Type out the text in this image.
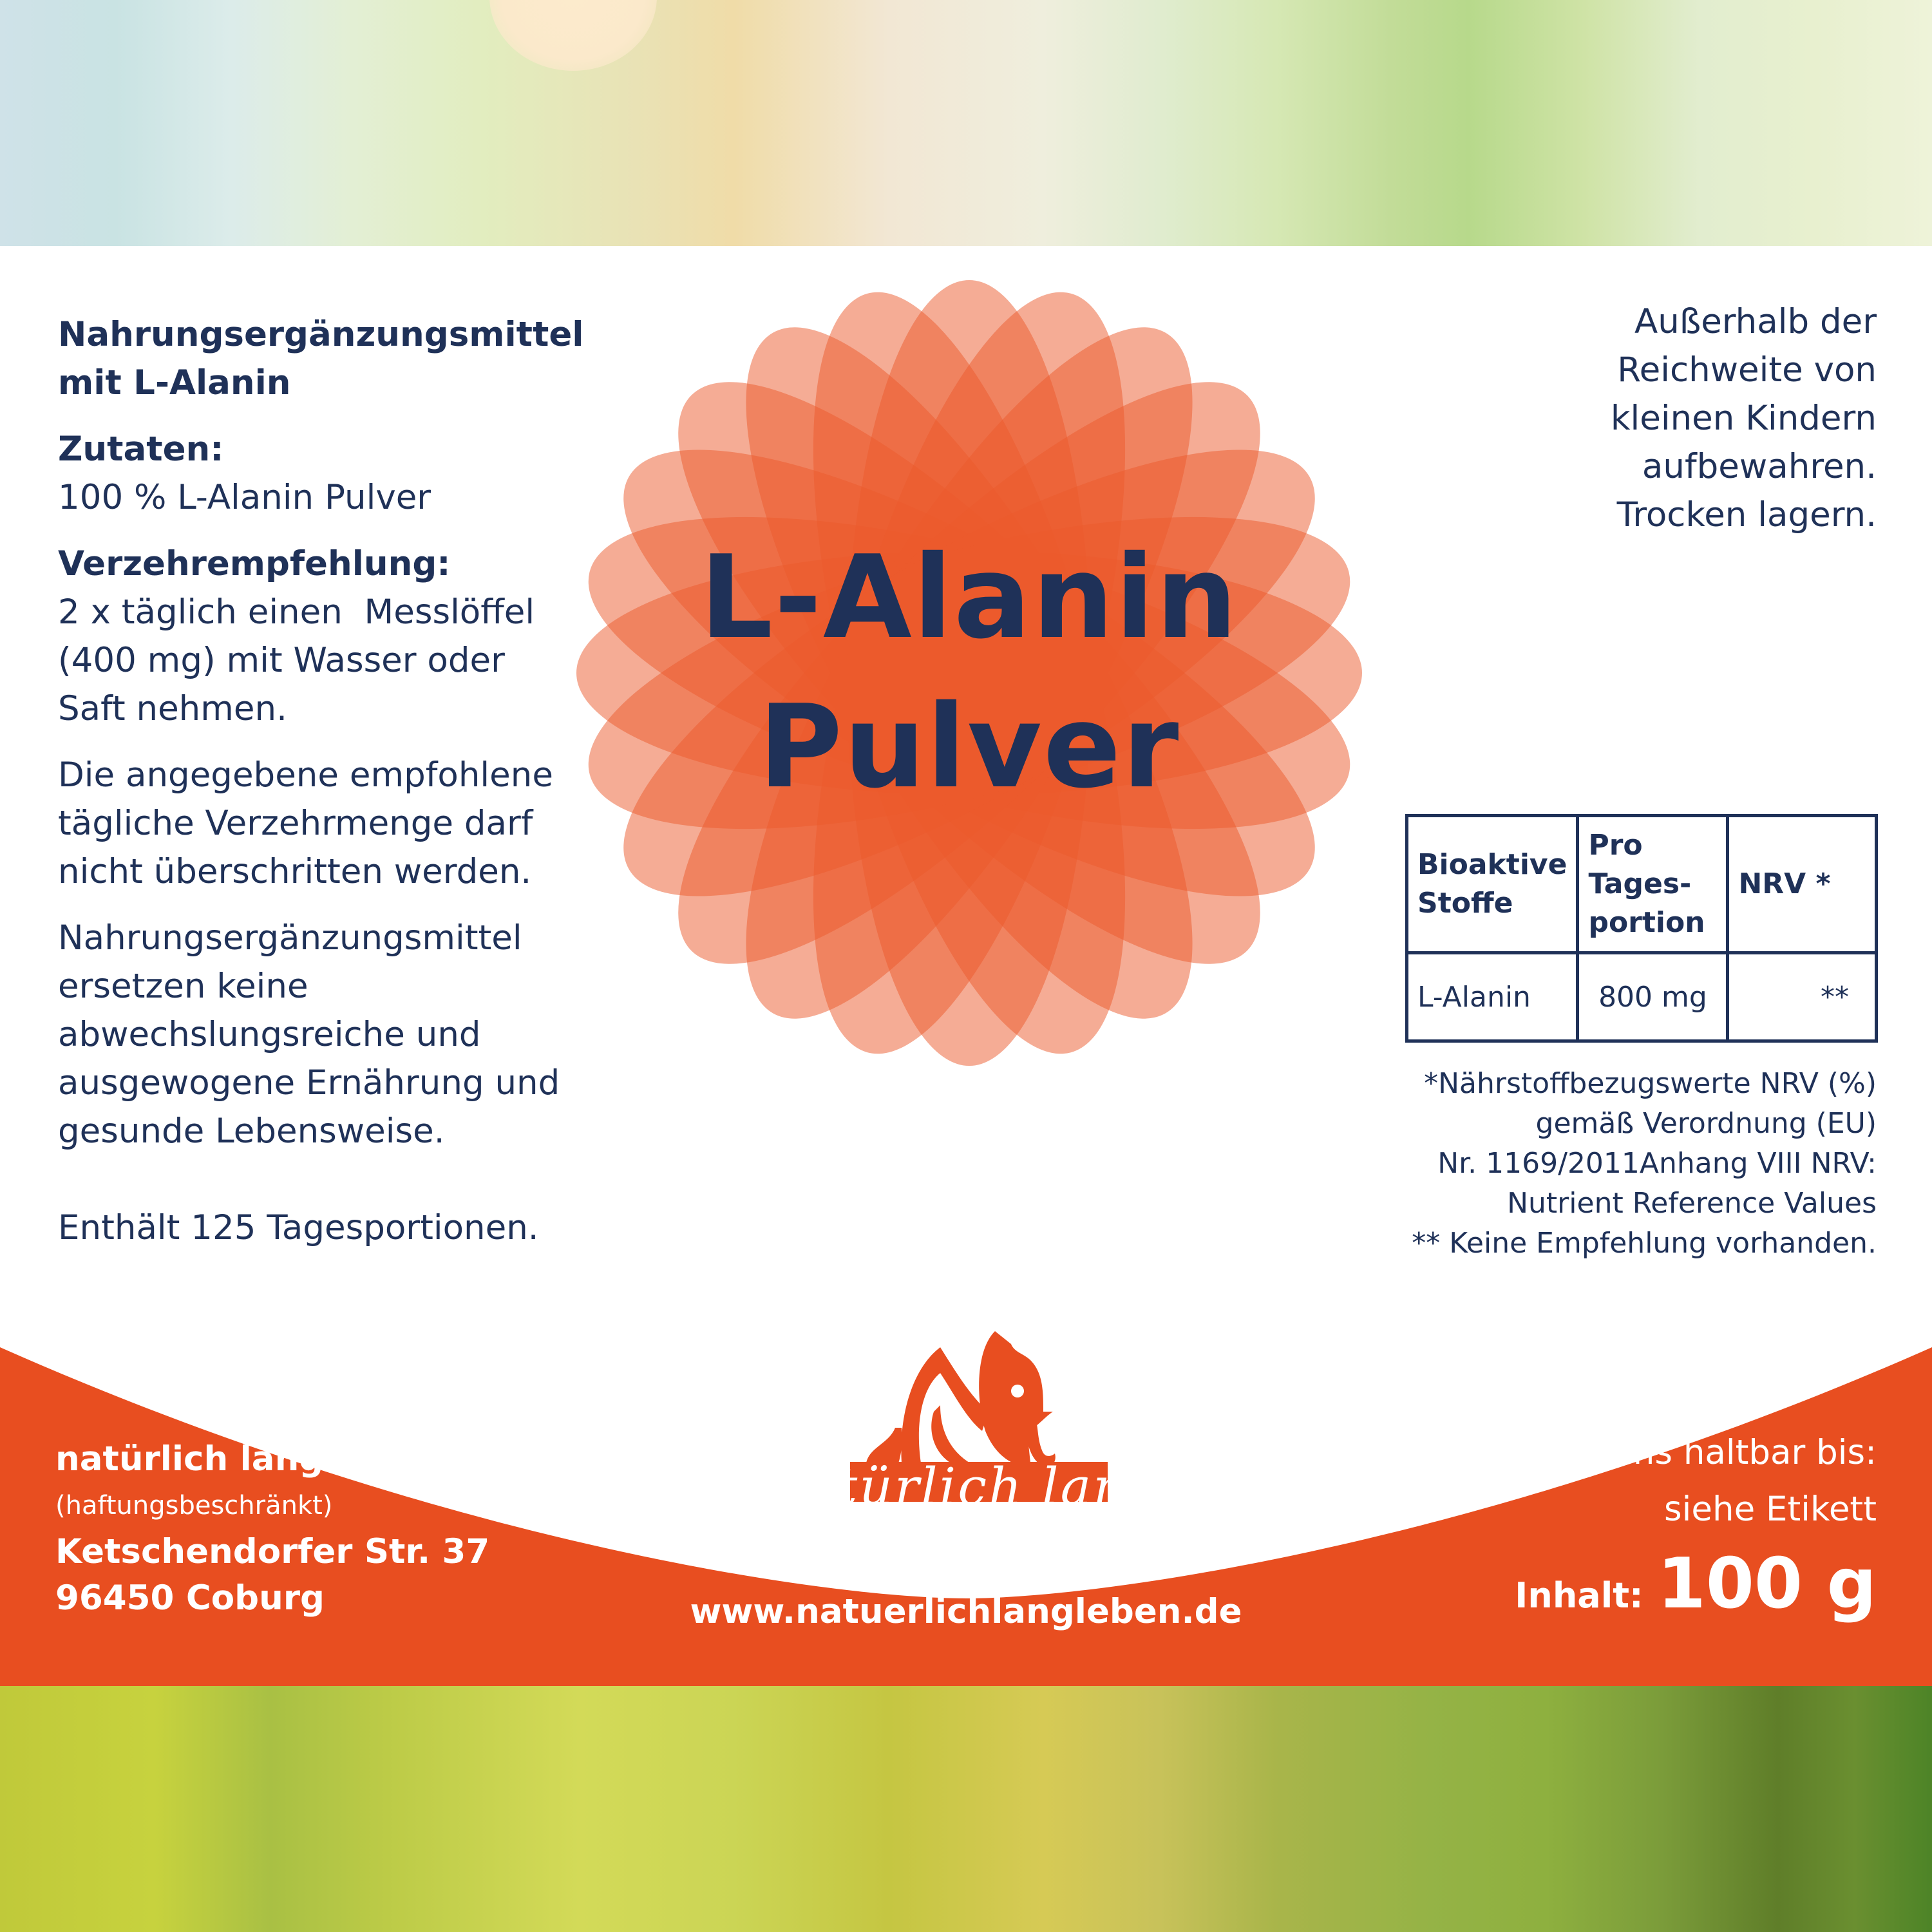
Nahrungsergänzungsmittel
mit L-Alanin

Zutaten:
100 % L-Alanin Pulver

Verzehrempfehlung:
2 x täglich einen  Messlöffel
(400 mg) mit Wasser oder
Saft nehmen.

Die angegebene empfohlene
tägliche Verzehrmenge darf
nicht überschritten werden.

Nahrungsergänzungsmittel
ersetzen keine
abwechslungsreiche und
ausgewogene Ernährung und
gesunde Lebensweise.

Enthält 125 Tagesportionen.

L-Alanin
Pulver
Außerhalb der
Reichweite von
kleinen Kindern
aufbewahren.
Trocken lagern.
Bioaktive
Stoffe	Pro
Tages-
portion	NRV *
L-Alanin	800 mg	**
*Nährstoffbezugswerte NRV (%)
gemäß Verordnung (EU)
Nr. 1169/2011Anhang VIII NRV:
Nutrient Reference Values
** Keine Empfehlung vorhanden.
natürlich lang leben UG
(haftungsbeschränkt)
Ketschendorfer Str. 37
96450 Coburg
natürlich lang leben
www.natuerlichlangleben.de
Mindestens haltbar bis:
siehe Etikett
Inhalt: 100 g
